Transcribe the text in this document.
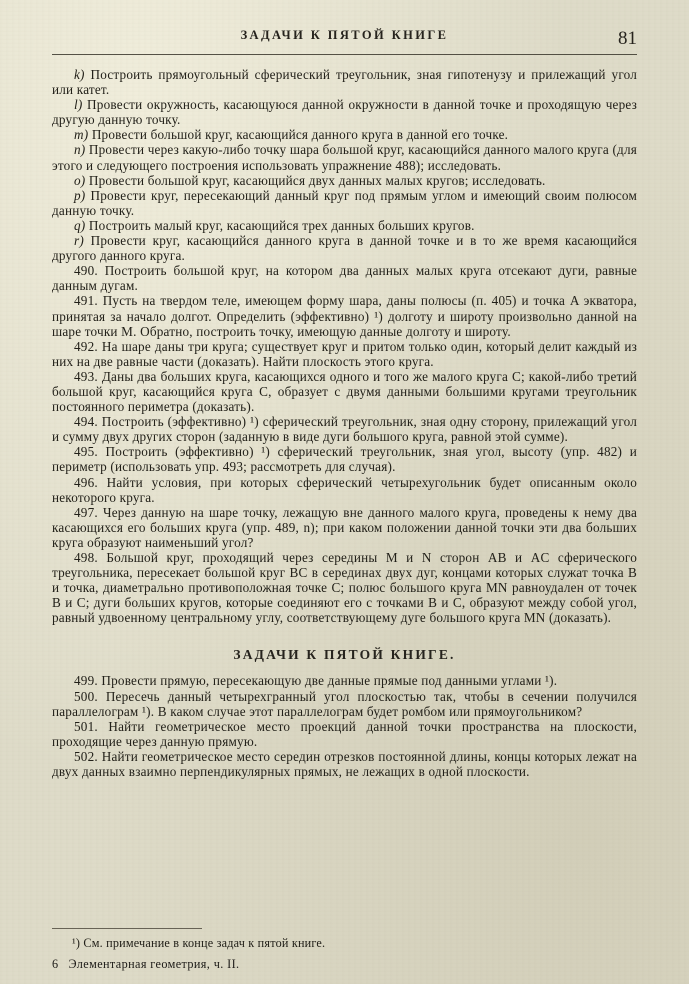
ЗАДАЧИ К ПЯТОЙ КНИГЕ	81

k) Построить прямоугольный сферический треугольник, зная гипотенузу и прилежащий угол или катет.

l) Провести окружность, касающуюся данной окружности в данной точке и проходящую через другую данную точку.

m) Провести большой круг, касающийся данного круга в данной его точке.

n) Провести через какую-либо точку шара большой круг, касающийся данного малого круга (для этого и следующего построения использовать упражнение 488); исследовать.

o) Провести большой круг, касающийся двух данных малых кругов; исследовать.

p) Провести круг, пересекающий данный круг под прямым углом и имеющий своим полюсом данную точку.

q) Построить малый круг, касающийся трех данных больших кругов.

r) Провести круг, касающийся данного круга в данной точке и в то же время касающийся другого данного круга.

490. Построить большой круг, на котором два данных малых круга отсекают дуги, равные данным дугам.

491. Пусть на твердом теле, имеющем форму шара, даны полюсы (п. 405) и точка A экватора, принятая за начало долгот. Определить (эффективно) ¹) долготу и широту произвольно данной на шаре точки M. Обратно, построить точку, имеющую данные долготу и широту.

492. На шаре даны три круга; существует круг и притом только один, который делит каждый из них на две равные части (доказать). Найти плоскость этого круга.

493. Даны два больших круга, касающихся одного и того же малого круга C; какой-либо третий большой круг, касающийся круга C, образует с двумя данными большими кругами треугольник постоянного периметра (доказать).

494. Построить (эффективно) ¹) сферический треугольник, зная одну сторону, прилежащий угол и сумму двух других сторон (заданную в виде дуги большого круга, равной этой сумме).

495. Построить (эффективно) ¹) сферический треугольник, зная угол, высоту (упр. 482) и периметр (использовать упр. 493; рассмотреть для случая).

496. Найти условия, при которых сферический четырехугольник будет описанным около некоторого круга.

497. Через данную на шаре точку, лежащую вне данного малого круга, проведены к нему два касающихся его больших круга (упр. 489, n); при каком положении данной точки эти два больших круга образуют наименьший угол?

498. Большой круг, проходящий через середины M и N сторон AB и AC сферического треугольника, пересекает большой круг BC в серединах двух дуг, концами которых служат точка B и точка, диаметрально противоположная точке C; полюс большого круга MN равноудален от точек B и C; дуги больших кругов, которые соединяют его с точками B и C, образуют между собой угол, равный удвоенному центральному углу, соответствующему дуге большого круга MN (доказать).

ЗАДАЧИ К ПЯТОЙ КНИГЕ.

499. Провести прямую, пересекающую две данные прямые под данными углами ¹).

500. Пересечь данный четырехгранный угол плоскостью так, чтобы в сечении получился параллелограм ¹). В каком случае этот параллелограм будет ромбом или прямоугольником?

501. Найти геометрическое место проекций данной точки пространства на плоскости, проходящие через данную прямую.

502. Найти геометрическое место середин отрезков постоянной длины, концы которых лежат на двух данных взаимно перпендикулярных прямых, не лежащих в одной плоскости.

¹) См. примечание в конце задач к пятой книге.

6 Элементарная геометрия, ч. II.
